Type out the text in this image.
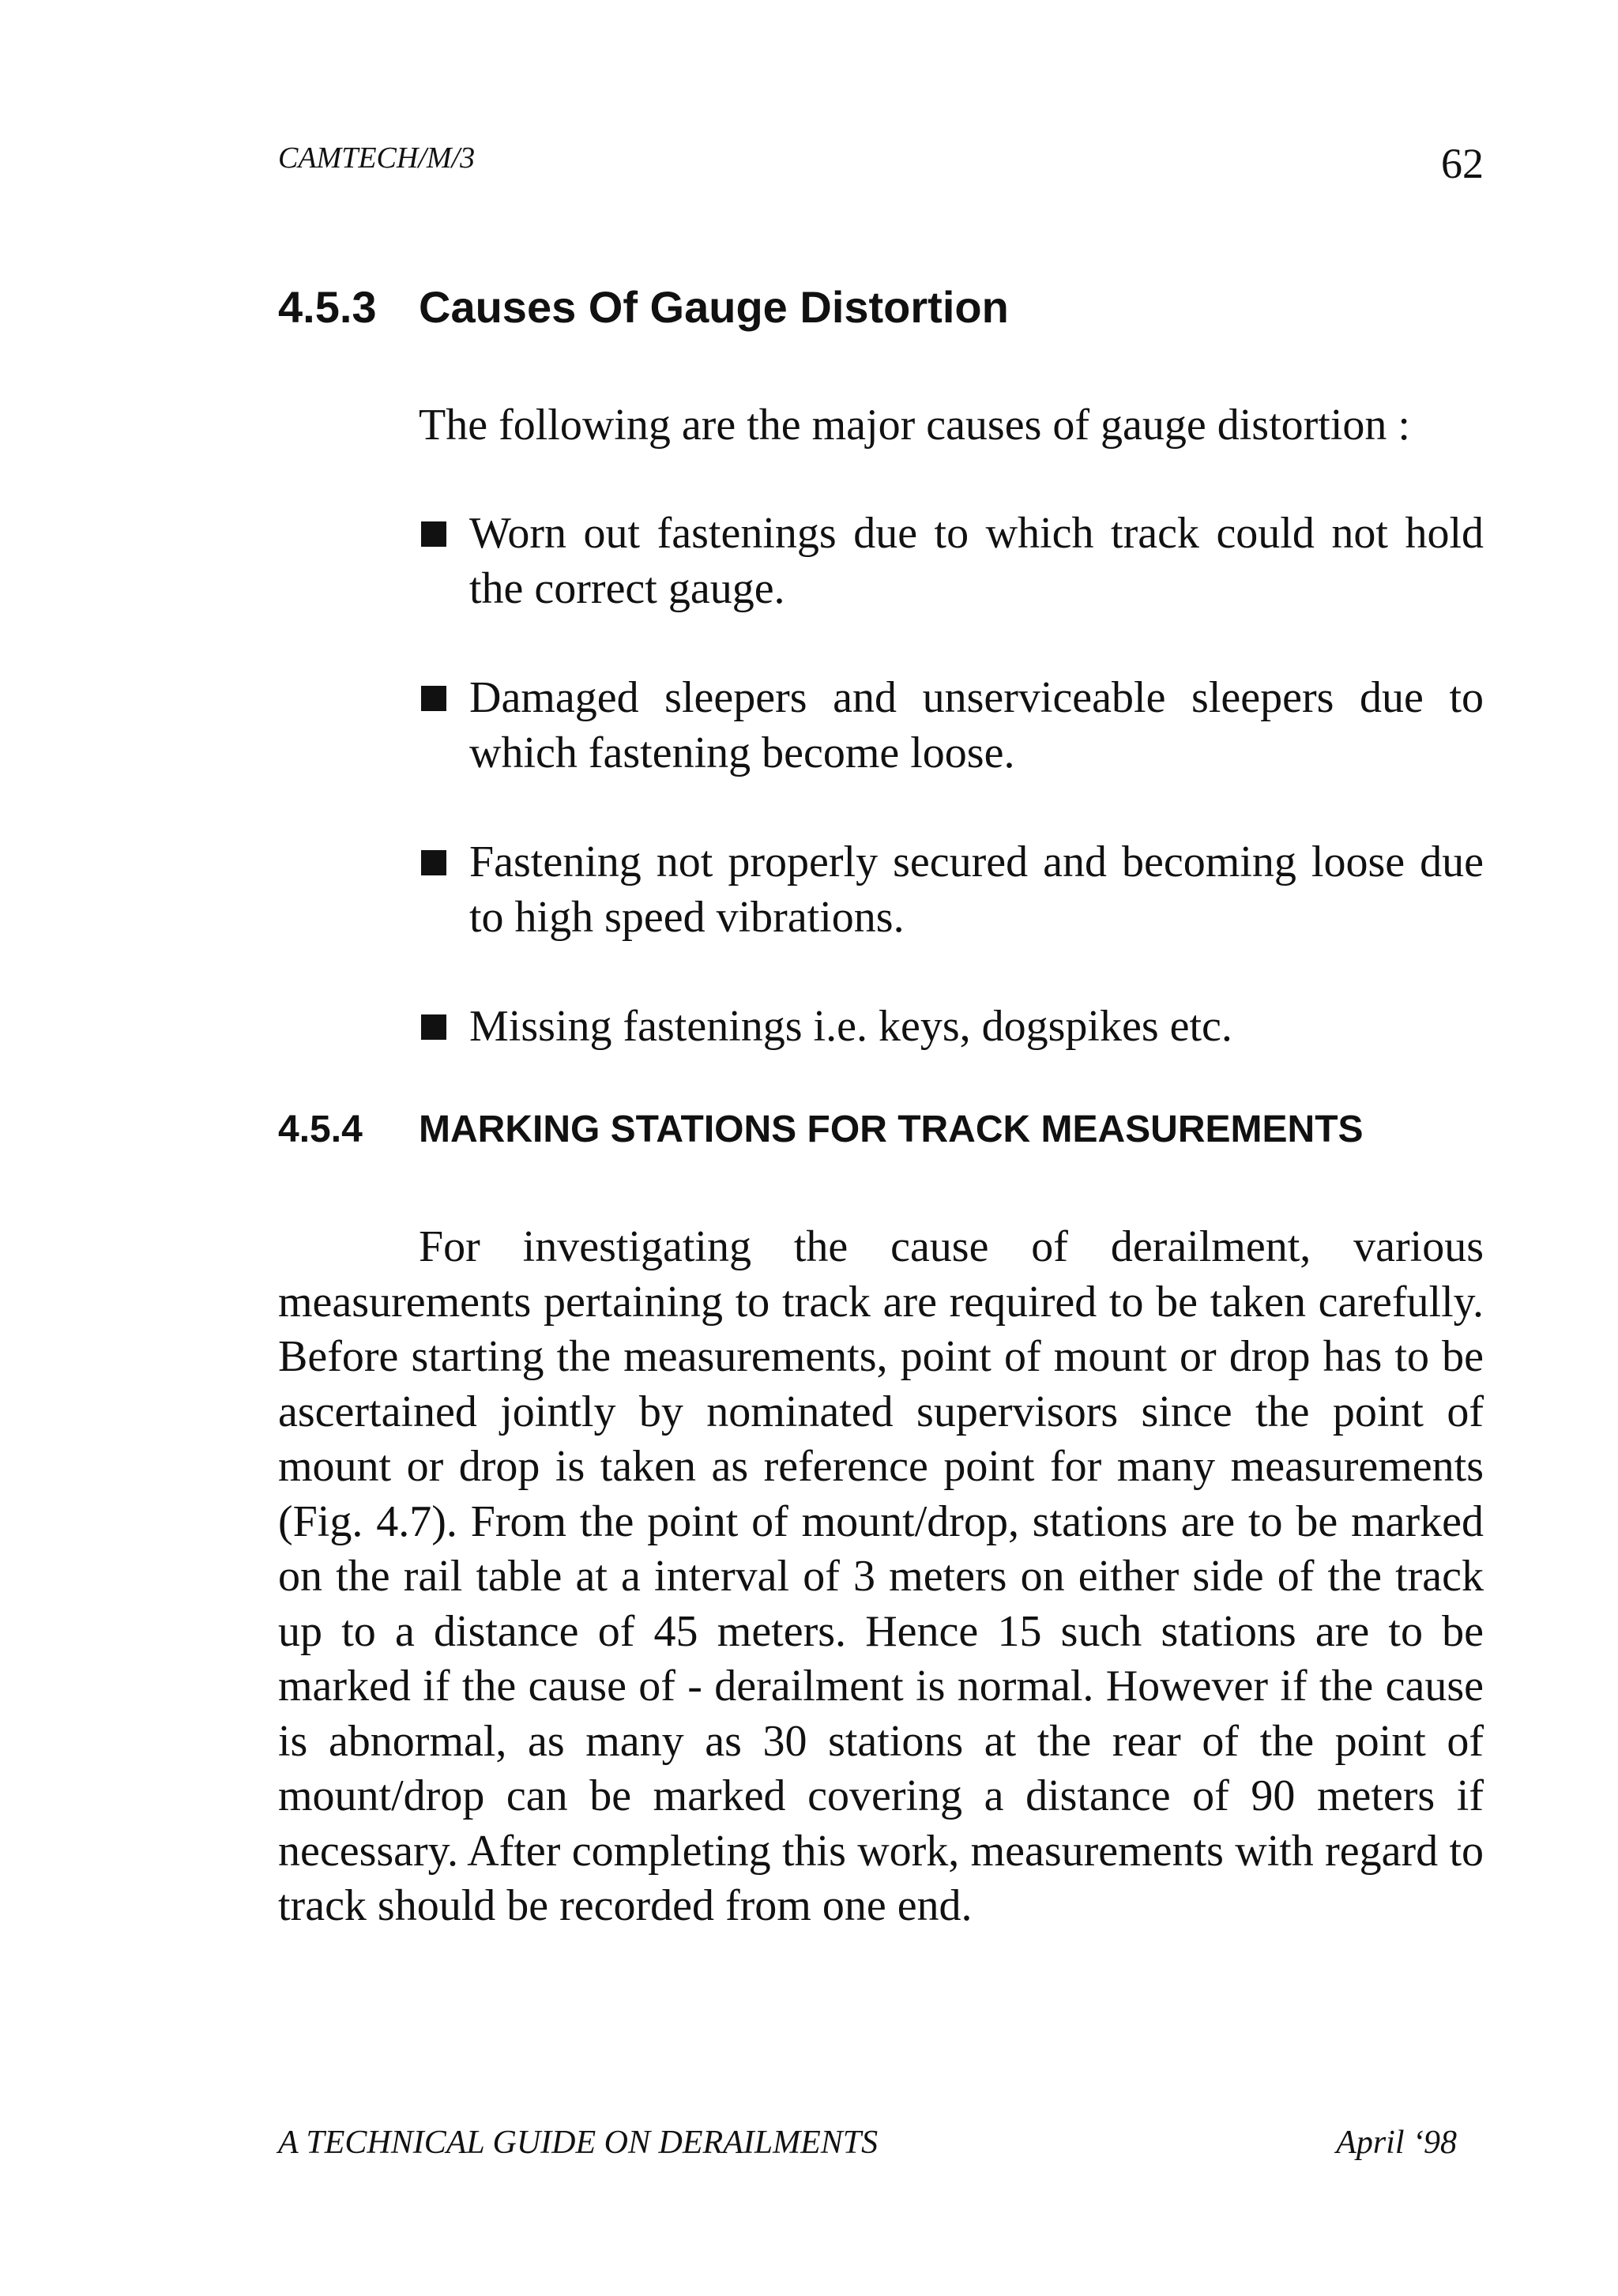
CAMTECH/M/3	62
4.5.3 Causes Of Gauge Distortion
The following are the major causes of gauge distortion :
Worn out fastenings due to which track could not hold the correct gauge.
Damaged sleepers and unserviceable sleepers due to which fastening become loose.
Fastening not properly secured and becoming loose due to high speed vibrations.
Missing fastenings i.e. keys, dogspikes etc.
4.5.4 MARKING STATIONS FOR TRACK MEASUREMENTS

For investigating the cause of derailment, various measurements pertaining to track are required to be taken carefully. Before starting the measurements, point of mount or drop has to be ascertained jointly by nominated supervisors since the point of mount or drop is taken as reference point for many measurements (Fig. 4.7). From the point of mount/drop, stations are to be marked on the rail table at a interval of 3 meters on either side of the track up to a distance of 45 meters. Hence 15 such stations are to be marked if the cause of - derailment is normal. However if the cause is abnormal, as many as 30 stations at the rear of the point of mount/drop can be marked covering a distance of 90 meters if necessary. After completing this work, measurements with regard to track should be recorded from one end.

A TECHNICAL GUIDE ON DERAILMENTS	April ‘98
